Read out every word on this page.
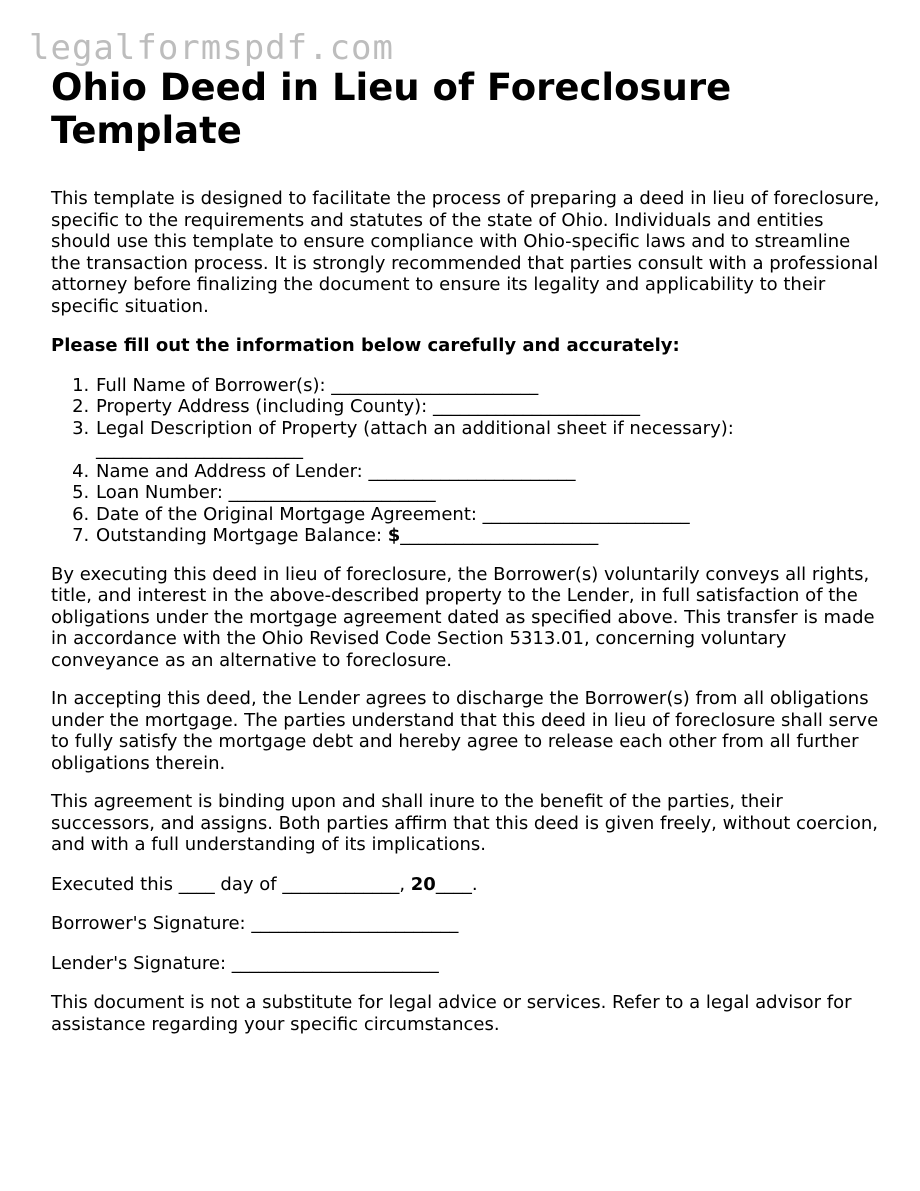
legalformspdf.com
Ohio Deed in Lieu of Foreclosure Template

This template is designed to facilitate the process of preparing a deed in lieu of foreclosure, specific to the requirements and statutes of the state of Ohio. Individuals and entities should use this template to ensure compliance with Ohio-specific laws and to streamline the transaction process. It is strongly recommended that parties consult with a professional attorney before finalizing the document to ensure its legality and applicability to their specific situation.

Please fill out the information below carefully and accurately:

1. Full Name of Borrower(s): _______________________
2. Property Address (including County): _______________________
3. Legal Description of Property (attach an additional sheet if necessary): _______________________
4. Name and Address of Lender: _______________________
5. Loan Number: _______________________
6. Date of the Original Mortgage Agreement: _______________________
7. Outstanding Mortgage Balance: $______________________

By executing this deed in lieu of foreclosure, the Borrower(s) voluntarily conveys all rights, title, and interest in the above-described property to the Lender, in full satisfaction of the obligations under the mortgage agreement dated as specified above. This transfer is made in accordance with the Ohio Revised Code Section 5313.01, concerning voluntary conveyance as an alternative to foreclosure.

In accepting this deed, the Lender agrees to discharge the Borrower(s) from all obligations under the mortgage. The parties understand that this deed in lieu of foreclosure shall serve to fully satisfy the mortgage debt and hereby agree to release each other from all further obligations therein.

This agreement is binding upon and shall inure to the benefit of the parties, their successors, and assigns. Both parties affirm that this deed is given freely, without coercion, and with a full understanding of its implications.

Executed this ____ day of _____________, 20____.

Borrower's Signature: _______________________

Lender's Signature: _______________________

This document is not a substitute for legal advice or services. Refer to a legal advisor for assistance regarding your specific circumstances.
